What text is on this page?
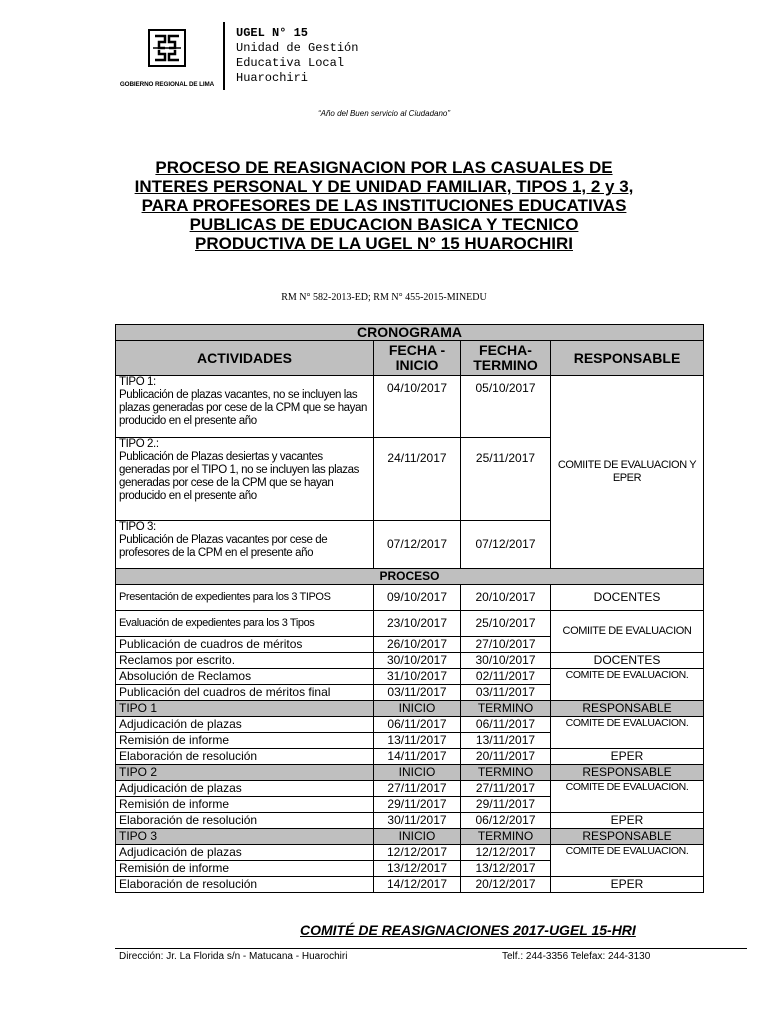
GOBIERNO REGIONAL DE LIMA
UGEL N° 15
Unidad de Gestión
Educativa Local
Huarochiri
“Año del Buen servicio al Ciudadano”
PROCESO DE REASIGNACION POR LAS CASUALES DE
INTERES PERSONAL Y DE UNIDAD FAMILIAR, TIPOS 1, 2 y 3,
PARA PROFESORES DE LAS INSTITUCIONES EDUCATIVAS
PUBLICAS DE EDUCACION BASICA Y TECNICO
PRODUCTIVA DE LA UGEL N° 15 HUAROCHIRI
RM N° 582-2013-ED; RM N° 455-2015-MINEDU
CRONOGRAMA			
ACTIVIDADES	FECHA - INICIO	FECHA- TERMINO	RESPONSABLE

TIPO 1:
Publicación de plazas vacantes, no se incluyen las plazas generadas por cese de la CPM que se hayan producido en el presente año	04/10/2017	05/10/2017	COMIITE DE EVALUACION Y EPER

TIPO 2.:
Publicación de Plazas desiertas y vacantes generadas por el TIPO 1, no se incluyen las plazas generadas por cese de la CPM que se hayan producido en el presente año	24/11/2017	25/11/2017	

TIPO 3:
Publicación de Plazas vacantes por cese de profesores de la CPM en el presente año	07/12/2017	07/12/2017	
PROCESO			
Presentación de expedientes para los 3 TIPOS	09/10/2017	20/10/2017	DOCENTES
Evaluación de expedientes para los 3 Tipos	23/10/2017	25/10/2017	COMIITE DE EVALUACION
Publicación de cuadros de méritos	26/10/2017	27/10/2017	
Reclamos por escrito.	30/10/2017	30/10/2017	DOCENTES
Absolución de Reclamos	31/10/2017	02/11/2017	COMITE DE EVALUACION.
Publicación del cuadros de méritos final	03/11/2017	03/11/2017	
TIPO 1	INICIO	TERMINO	RESPONSABLE
Adjudicación de plazas	06/11/2017	06/11/2017	COMITE DE EVALUACION.
Remisión de informe	13/11/2017	13/11/2017	
Elaboración de resolución	14/11/2017	20/11/2017	EPER
TIPO 2	INICIO	TERMINO	RESPONSABLE
Adjudicación de plazas	27/11/2017	27/11/2017	COMITE DE EVALUACION.
Remisión de informe	29/11/2017	29/11/2017	
Elaboración de resolución	30/11/2017	06/12/2017	EPER
TIPO 3	INICIO	TERMINO	RESPONSABLE
Adjudicación de plazas	12/12/2017	12/12/2017	COMITE DE EVALUACION.
Remisión de informe	13/12/2017	13/12/2017	
Elaboración de resolución	14/12/2017	20/12/2017	EPER
COMITÉ DE REASIGNACIONES 2017-UGEL 15-HRI
Dirección: Jr. La Florida s/n - Matucana - Huarochiri	Telf.: 244-3356 Telefax: 244-3130
